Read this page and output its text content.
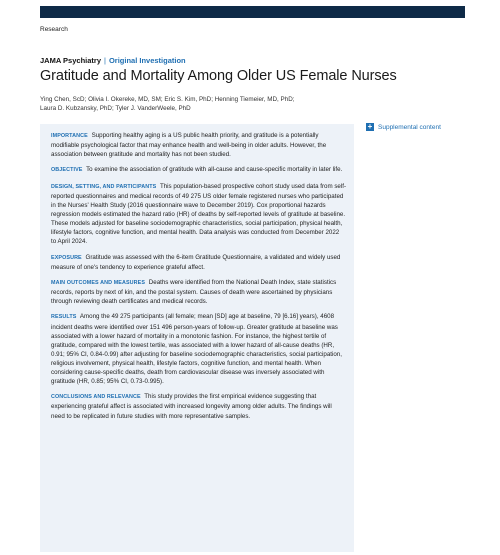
Research
JAMA Psychiatry | Original Investigation
Gratitude and Mortality Among Older US Female Nurses
Ying Chen, ScD; Olivia I. Okereke, MD, SM; Eric S. Kim, PhD; Henning Tiemeier, MD, PhD;
Laura D. Kubzansky, PhD; Tyler J. VanderWeele, PhD
+ Supplemental content

IMPORTANCE Supporting healthy aging is a US public health priority, and gratitude is a potentially modifiable psychological factor that may enhance health and well-being in older adults. However, the association between gratitude and mortality has not been studied.

OBJECTIVE To examine the association of gratitude with all-cause and cause-specific mortality in later life.

DESIGN, SETTING, AND PARTICIPANTS This population-based prospective cohort study used data from self-reported questionnaires and medical records of 49 275 US older female registered nurses who participated in the Nurses' Health Study (2016 questionnaire wave to December 2019). Cox proportional hazards regression models estimated the hazard ratio (HR) of deaths by self-reported levels of gratitude at baseline. These models adjusted for baseline sociodemographic characteristics, social participation, physical health, lifestyle factors, cognitive function, and mental health. Data analysis was conducted from December 2022 to April 2024.

EXPOSURE Gratitude was assessed with the 6-item Gratitude Questionnaire, a validated and widely used measure of one's tendency to experience grateful affect.

MAIN OUTCOMES AND MEASURES Deaths were identified from the National Death Index, state statistics records, reports by next of kin, and the postal system. Causes of death were ascertained by physicians through reviewing death certificates and medical records.

RESULTS Among the 49 275 participants (all female; mean [SD] age at baseline, 79 [6.16] years), 4608 incident deaths were identified over 151 496 person-years of follow-up. Greater gratitude at baseline was associated with a lower hazard of mortality in a monotonic fashion. For instance, the highest tertile of gratitude, compared with the lowest tertile, was associated with a lower hazard of all-cause deaths (HR, 0.91; 95% CI, 0.84-0.99) after adjusting for baseline sociodemographic characteristics, social participation, religious involvement, physical health, lifestyle factors, cognitive function, and mental health. When considering cause-specific deaths, death from cardiovascular disease was inversely associated with gratitude (HR, 0.85; 95% CI, 0.73-0.995).

CONCLUSIONS AND RELEVANCE This study provides the first empirical evidence suggesting that experiencing grateful affect is associated with increased longevity among older adults. The findings will need to be replicated in future studies with more representative samples.
